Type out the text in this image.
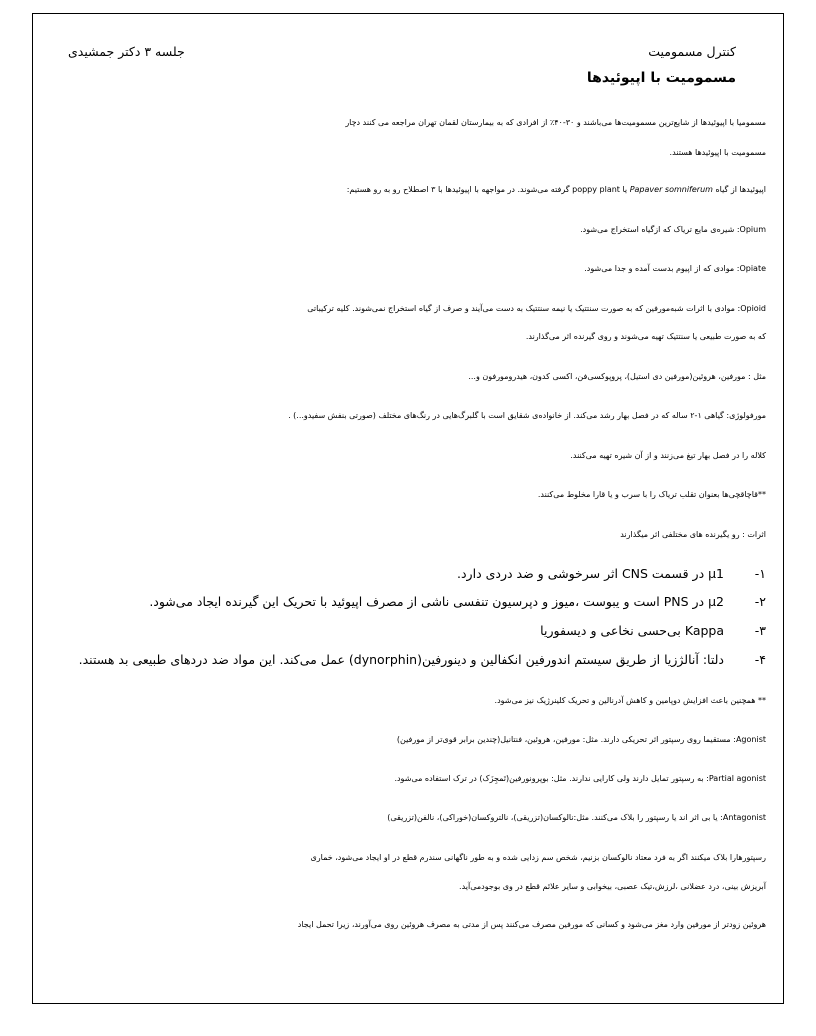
کنترل مسمومیت
جلسه ۳ دکتر جمشیدی
مسمومیت با اپیوئیدها
مسمومیا با اپیوئیدها از شایع‌ترین مسمومیت‌ها می‌باشند و ۳۰-۴۰٪ از افرادی که به بیمارستان لقمان تهران مراجعه می کنند دچار
مسمومیت با اپیوئیدها هستند.
اپیوئیدها از گیاه Papaver somniferum یا poppy plant گرفته می‌شوند. در مواجهه با اپیوئیدها با ۳ اصطلاح رو به رو هستیم:
Opium: شیره‌ی مایع تریاک که ازگیاه استخراج می‌شود.
Opiate: موادی که از اپیوم بدست آمده و جدا می‌شود.
Opioid: موادی با اثرات شبه‌مورفین که به صورت سنتتیک یا نیمه سنتتیک به دست می‌آیند و صرف از گیاه استخراج نمی‌شوند. کلیه ترکیباتی
که به صورت طبیعی یا سنتتیک تهیه می‌شوند و روی گیرنده اثر می‌گذارند.
مثل : مورفین، هروئین(مورفین دی استیل)، پروپوکسی‌فن، اکسی کدون، هیدرومورفون و...
مورفولوژی: گیاهی ۱-۲ ساله که در فصل بهار رشد می‌کند. از خانواده‌ی شقایق است با گلبرگ‌هایی در رنگ‌های مختلف (صورتی بنفش سفیدو...) .
کلاله را در فصل بهار تیغ می‌زنند و از آن شیره تهیه می‌کنند.
**قاچاقچی‌ها بعنوان تقلب تریاک را با سرب و یا قارا مخلوط می‌کنند.
اثرات : رو یگیرنده های مختلفی اثر میگذارند
۱- μ1 در قسمت CNS اثر سرخوشی و ضد دردی دارد.
۲- μ2 در PNS است و یبوست ،میوز و دپرسیون تنفسی ناشی از مصرف اپیوئید با تحریک این گیرنده ایجاد می‌شود.
۳- Kappa بی‌حسی نخاعی و دیسفوریا
۴- دلتا: آنالژزیا از طریق سیستم اندورفین انکفالین و دینورفین(dynorphin) عمل می‌کند. این مواد ضد دردهای طبیعی بد هستند.
** همچنین باعث افزایش دوپامین و کاهش آدرنالین و تحریک کلینرژیک نیز می‌شود.
Agonist: مستقیما روی رسپتور اثر تحریکی دارند. مثل: مورفین، هروئین، فنتانیل(چندین برابر قوی‌تر از مورفین)
Partial agonist: به رسپتور تمایل دارند ولی کارایی ندارند. مثل: بوپرونورفین(تَمجِزَک) در ترک استفاده می‌شود.
Antagonist: یا بی اثر اند یا رسپتور را بلاک می‌کنند. مثل:نالوکسان(تزریقی)، نالتروکسان(خوراکی)، نالفن(تزریقی)
رسپتورهارا بلاک میکنند اگر به فرد معتاد نالوکسان بزنیم، شخص سم زدایی شده و به طور ناگهانی سندرم قطع در او ایجاد می‌شود، خماری
آبریزش بینی، درد عضلانی ،لرزش،تیک عصبی، بیخوابی و سایر علائم قطع در وی بوجودمی‌آید.
هروئین زودتر از مورفین وارد مغز می‌شود و کسانی که مورفین مصرف می‌کنند پس از مدتی به مصرف هروئین روی می‌آورند، زیرا تحمل ایجاد
